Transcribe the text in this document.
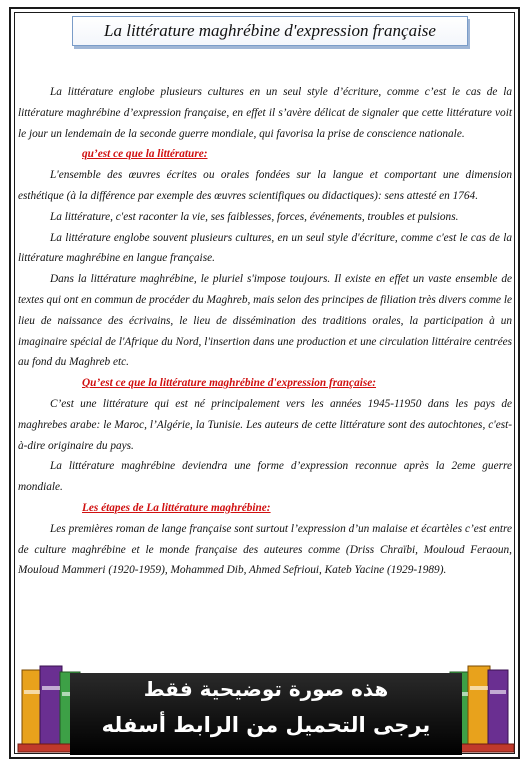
La littérature maghrébine d'expression française

La littérature englobe plusieurs cultures en un seul style d’écriture, comme c’est le cas de la littérature maghrébine d’expression française, en effet il s’avère délicat de signaler que cette littérature voit le jour un lendemain de la seconde guerre mondiale, qui favorisa la prise de conscience nationale.

qu’est ce que la littérature:

L'ensemble des œuvres écrites ou orales fondées sur la langue et comportant une dimension esthétique (à la différence par exemple des œuvres scientifiques ou didactiques): sens attesté en 1764.

La littérature, c'est raconter la vie, ses faiblesses, forces, événements, troubles et pulsions.

La littérature englobe souvent plusieurs cultures, en un seul style d'écriture, comme c'est le cas de la littérature maghrébine en langue française.

Dans la littérature maghrébine, le pluriel s'impose toujours. Il existe en effet un vaste ensemble de textes qui ont en commun de procéder du Maghreb, mais selon des principes de filiation très divers comme le lieu de naissance des écrivains, le lieu de dissémination des traditions orales, la participation à un imaginaire spécial de l'Afrique du Nord, l'insertion dans une production et une circulation littéraire centrées au fond du Maghreb etc.

Qu’est ce que la littérature maghrébine d'expression française:

C’est une littérature qui est né principalement vers les années 1945-11950 dans les pays de maghrebes arabe: le Maroc, l’Algérie, la Tunisie. Les auteurs de cette littérature sont des autochtones, c'est-à-dire originaire du pays.

La littérature maghrébine deviendra une forme d’expression reconnue après la 2eme guerre mondiale.

Les étapes de La littérature maghrébine:

Les premières roman de lange française sont surtout l’expression d’un malaise et écartèles c’est entre de culture maghrébine et le monde française des auteures comme (Driss Chraïbi, Mouloud Feraoun, Mouloud Mammeri (1920-1959), Mohammed Dib, Ahmed Sefrioui, Kateb Yacine (1929-1989).

هذه صورة توضيحية فقط
يرجى التحميل من الرابط أسفله
